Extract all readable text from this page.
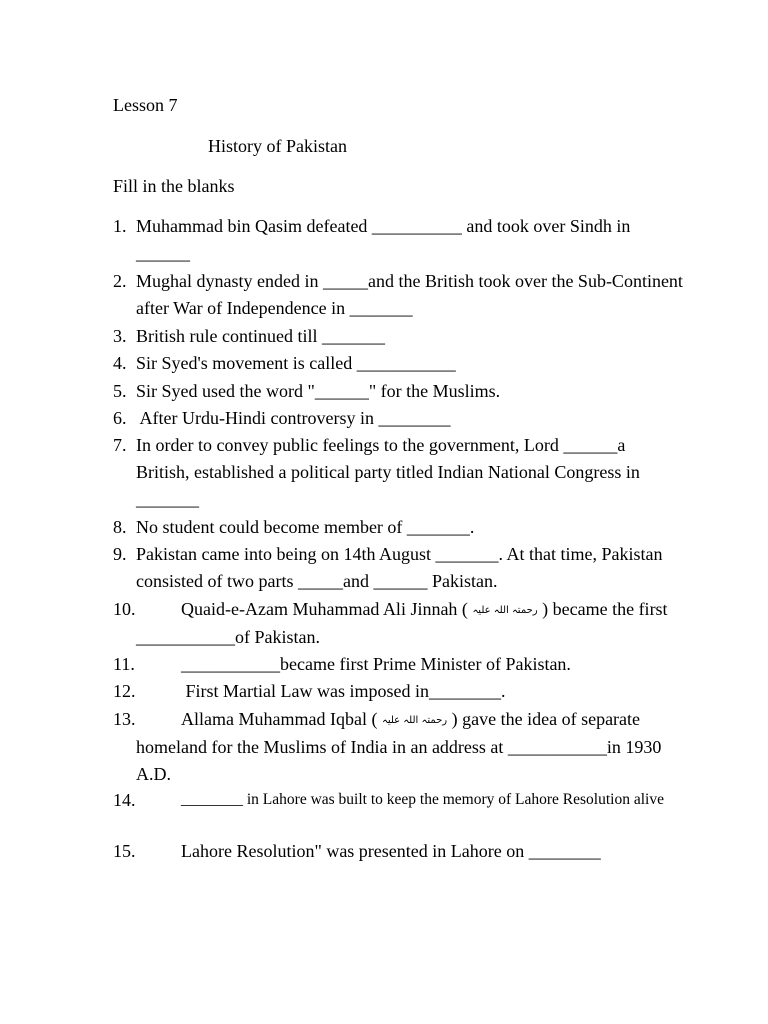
Lesson 7
History of Pakistan
Fill in the blanks
1. Muhammad bin Qasim defeated __________ and took over Sindh in ______
2. Mughal dynasty ended in _____and the British took over the Sub-Continent after War of Independence in _______
3. British rule continued till _______
4. Sir Syed's movement is called ___________
5. Sir Syed used the word "______" for the Muslims.
6. After Urdu-Hindi controversy in ________
7. In order to convey public feelings to the government, Lord ______a British, established a political party titled Indian National Congress in _______
8. No student could become member of _______.
9. Pakistan came into being on 14th August _______. At that time, Pakistan consisted of two parts _____and ______ Pakistan.
10.	Quaid-e-Azam Muhammad Ali Jinnah ( رحمتہ اللہ علیہ ) became the first ___________of Pakistan.
11.	___________became first Prime Minister of Pakistan.
12.	First Martial Law was imposed in________.
13.	Allama Muhammad Iqbal ( رحمتہ اللہ علیہ ) gave the idea of separate homeland for the Muslims of India in an address at ___________in 1930 A.D.
14.	________ in Lahore was built to keep the memory of Lahore Resolution alive
15.	Lahore Resolution" was presented in Lahore on ________
